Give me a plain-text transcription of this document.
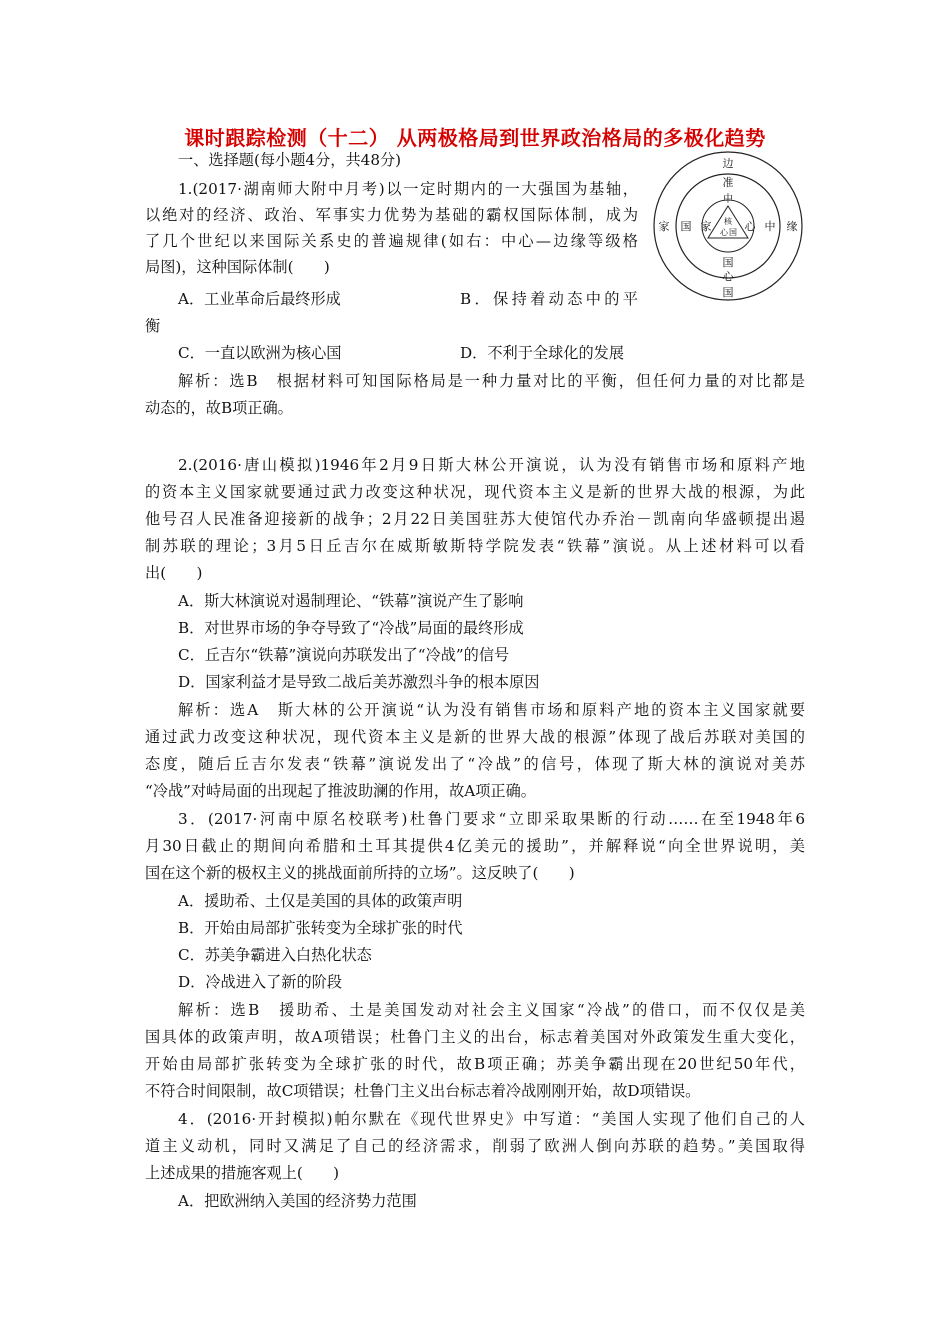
课时跟踪检测（十二） 从两极格局到世界政治格局的多极化趋势
一、选择题(每小题4分，共48分)
1.(2017·湖南师大附中月考)以一定时期内的一大强国为基轴，
以绝对的经济、政治、军事实力优势为基础的霸权国际体制，成为
了几个世纪以来国际关系史的普遍规律(如右：中心—边缘等级格
局图)，这种国际体制(　　)
A．工业革命后最终形成	B．保持着动态中的平
衡
C．一直以欧洲为核心国	D．不利于全球化的发展
解析：选B　根据材料可知国际格局是一种力量对比的平衡，但任何力量的对比都是
动态的，故B项正确。
边
国
家	缘
准
中
国
心
国	中
家	心
核
心 国
2.(2016·唐山模拟)1946年2月9日斯大林公开演说，认为没有销售市场和原料产地
的资本主义国家就要通过武力改变这种状况，现代资本主义是新的世界大战的根源，为此
他号召人民准备迎接新的战争；2月22日美国驻苏大使馆代办乔治－凯南向华盛顿提出遏
制苏联的理论；3月5日丘吉尔在威斯敏斯特学院发表“铁幕”演说。从上述材料可以看
出(　　)
A．斯大林演说对遏制理论、“铁幕”演说产生了影响
B．对世界市场的争夺导致了“冷战”局面的最终形成
C．丘吉尔“铁幕”演说向苏联发出了“冷战”的信号
D．国家利益才是导致二战后美苏激烈斗争的根本原因
解析：选A　斯大林的公开演说“认为没有销售市场和原料产地的资本主义国家就要
通过武力改变这种状况，现代资本主义是新的世界大战的根源”体现了战后苏联对美国的
态度，随后丘吉尔发表“铁幕”演说发出了“冷战”的信号，体现了斯大林的演说对美苏
“冷战”对峙局面的出现起了推波助澜的作用，故A项正确。
3．(2017·河南中原名校联考)杜鲁门要求“立即采取果断的行动……在至1948年6
月30日截止的期间向希腊和土耳其提供4亿美元的援助”，并解释说“向全世界说明，美
国在这个新的极权主义的挑战面前所持的立场”。这反映了(　　)
A．援助希、土仅是美国的具体的政策声明
B．开始由局部扩张转变为全球扩张的时代
C．苏美争霸进入白热化状态
D．冷战进入了新的阶段
解析：选B　援助希、土是美国发动对社会主义国家“冷战”的借口，而不仅仅是美
国具体的政策声明，故A项错误；杜鲁门主义的出台，标志着美国对外政策发生重大变化，
开始由局部扩张转变为全球扩张的时代，故B项正确；苏美争霸出现在20世纪50年代，
不符合时间限制，故C项错误；杜鲁门主义出台标志着冷战刚刚开始，故D项错误。
4．(2016·开封模拟)帕尔默在《现代世界史》中写道：“美国人实现了他们自己的人
道主义动机，同时又满足了自己的经济需求，削弱了欧洲人倒向苏联的趋势。”美国取得
上述成果的措施客观上(　　)
A．把欧洲纳入美国的经济势力范围
